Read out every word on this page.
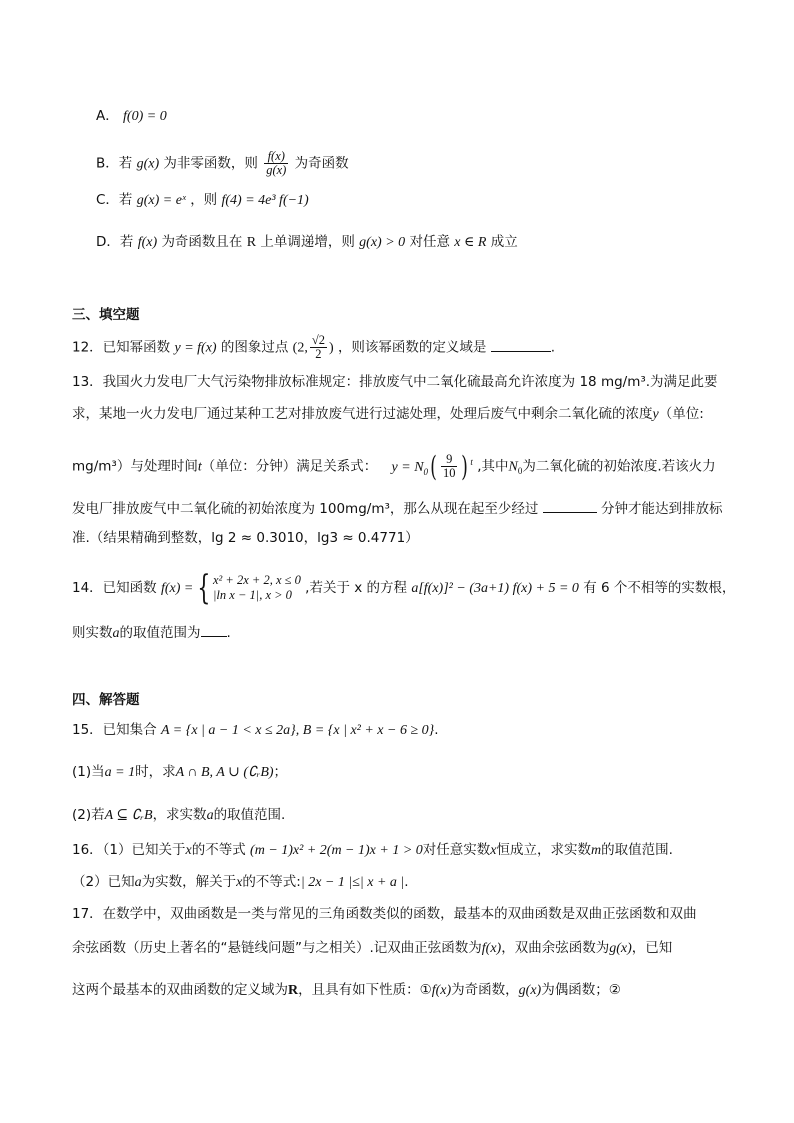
A． f(0) = 0
B．若 g(x) 为非零函数，则 $\frac{f(x)}{g(x)}$ 为奇函数
C．若 g(x) = eˣ ，则 f(4) = 4e³ f(−1)
D．若 f(x) 为奇函数且在 R 上单调递增，则 g(x) > 0 对任意 x ∈ R 成立
三、填空题
12．已知幂函数 y = f(x) 的图象过点 (2, $\frac{√2}{2}$ ) ，则该幂函数的定义域是	.
13．我国火力发电厂大气污染物排放标准规定：排放废气中二氧化硫最高允许浓度为 18 mg/m³.为满足此要
求，某地一火力发电厂通过某种工艺对排放废气进行过滤处理，处理后废气中剩余二氧化硫的浓度y（单位:
mg/m³）与处理时间t（单位：分钟）满足关系式： $y = N_0( \frac{9}{10}$ ) $^t$ ,其中$N_0$为二氧化硫的初始浓度.若该火力
发电厂排放废气中二氧化硫的初始浓度为 100mg/m³，那么从现在起至少经过	分钟才能达到排放标
准.（结果精确到整数，lg 2 ≈ 0.3010，lg3 ≈ 0.4771）
14．已知函数 f(x) = { x² + 2x + 2, x ≤ 0
|ln x − 1|, x > 0 ,若关于 x 的方程 a[f(x)]² − (3a+1) f(x) + 5 = 0 有 6 个不相等的实数根，
则实数a的取值范围为 .
四、解答题
15．已知集合 A = {x | a − 1 < x ≤ 2a}, B = {x | x² + x − 6 ≥ 0}.
(1)当a = 1时，求A ∩ B, A ∪ (∁ᵣB)；
(2)若A ⊆ ∁ᵣB，求实数a的取值范围.
16．（1）已知关于x的不等式 (m − 1)x² + 2(m − 1)x + 1 > 0对任意实数x恒成立，求实数m的取值范围.
（2）已知a为实数，解关于x的不等式:| 2x − 1 |≤| x + a |.
17．在数学中，双曲函数是一类与常见的三角函数类似的函数，最基本的双曲函数是双曲正弦函数和双曲
余弦函数（历史上著名的“悬链线问题”与之相关）.记双曲正弦函数为f(x)，双曲余弦函数为g(x)，已知
这两个最基本的双曲函数的定义域为R，且具有如下性质：①f(x)为奇函数，g(x)为偶函数；②
